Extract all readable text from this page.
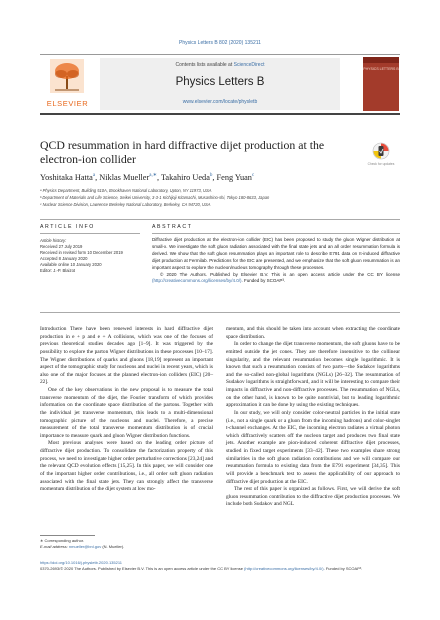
Physics Letters B 802 (2020) 135211
ELSEVIER
Contents lists available at ScienceDirect
Physics Letters B
www.elsevier.com/locate/physletb
PHYSICS LETTERS B
QCD resummation in hard diffractive dijet production at the electron-ion collider	Check for updates
Yoshitaka Hatta$^a$, Niklas Mueller$^{a,∗}$, Takahiro Ueda$^b$, Feng Yuan$^c$
ᵃ Physics Department, Building 510A, Brookhaven National Laboratory, Upton, NY 11973, USA
ᵇ Department of Materials and Life Science, Seikei University, 3-3-1 Kichijoji Kitamachi, Musashino-shi, Tokyo 180-8633, Japan
ᶜ Nuclear Science Division, Lawrence Berkeley National Laboratory, Berkeley, CA 94720, USA
ARTICLE INFO	ABSTRACT
Article history:
Received 27 July 2019
Received in revised form 10 December 2019
Accepted 8 January 2020
Available online 10 January 2020
Editor: J.-P. Blaizot
Diffractive dijet production at the electron-ion collider (EIC) has been proposed to study the gluon Wigner distribution at small-x. We investigate the soft gluon radiation associated with the final state jets and an all order resummation formula is derived. We show that the soft gluon resummation plays an important role to describe E791 data on π-induced diffractive dijet production at Fermilab. Predictions for the EIC are presented, and we emphasize that the soft gluon resummation is an important aspect to explore the nucleon/nucleus tomography through these processes.
© 2020 The Authors. Published by Elsevier B.V. This is an open access article under the CC BY license (http://creativecommons.org/licenses/by/4.0/). Funded by SCOAP³.

Introduction There have been renewed interests in hard diffractive dijet production in e + p and e + A collisions, which was one of the focuses of previous theoretical studies decades ago [1–9]. It was triggered by the possibility to explore the parton Wigner distributions in these processes [10–17]. The Wigner distributions of quarks and gluons [18,19] represent an important aspect of the tomographic study for nucleons and nuclei in recent years, which is also one of the major focuses at the planned electron-ion colliders (EIC) [20–22].

One of the key observations in the new proposal is to measure the total transverse momentum of the dijet, the Fourier transform of which provides information on the coordinate space distribution of the partons. Together with the individual jet transverse momentum, this leads to a multi-dimensional tomographic picture of the nucleons and nuclei. Therefore, a precise measurement of the total transverse momentum distribution is of crucial importance to measure quark and gluon Wigner distribution functions.

Most previous analyses were based on the leading order picture of diffractive dijet production. To consolidate the factorization property of this process, we need to investigate higher order perturbative corrections [23,24] and the relevant QCD evolution effects [15,25]. In this paper, we will consider one of the important higher order contributions, i.e., all order soft gluon radiation associated with the final state jets. They can strongly affect the transverse momentum distribution of the dijet system at low mo-

mentum, and this should be taken into account when extracting the coordinate space distribution.

In order to change the dijet transverse momentum, the soft gluons have to be emitted outside the jet cones. They are therefore insensitive to the collinear singularity, and the relevant resummation becomes single logarithmic. It is known that such a resummation consists of two parts—the Sudakov logarithms and the so-called non-global logarithms (NGLs) [26–32]. The resummation of Sudakov logarithms is straightforward, and it will be interesting to compare their impacts in diffractive and non-diffractive processes. The resummation of NGLs, on the other hand, is known to be quite nontrivial, but to leading logarithmic approximation it can be done by using the existing techniques.

In our study, we will only consider color-neutral particles in the initial state (i.e., not a single quark or a gluon from the incoming hadrons) and color-singlet t-channel exchanges. At the EIC, the incoming electron radiates a virtual photon which diffractively scatters off the nucleon target and produces two final state jets. Another example are pion-induced coherent diffractive dijet processes, studied in fixed target experiments [33–42]. These two examples share strong similarities in the soft gluon radiation contributions and we will compare our resummation formula to existing data from the E791 experiment [34,35]. This will provide a benchmark test to assess the applicability of our approach to diffractive dijet production at the EIC.

The rest of this paper is organized as follows. First, we will derive the soft gluon resummation contribution to the diffractive dijet production processes. We include both Sudakov and NGL

∗ Corresponding author.
E-mail address: nmueller@bnl.gov (N. Mueller).
https://doi.org/10.1016/j.physletb.2020.135211
0370-2693/© 2020 The Authors. Published by Elsevier B.V. This is an open access article under the CC BY license (http://creativecommons.org/licenses/by/4.0/). Funded by SCOAP³.
